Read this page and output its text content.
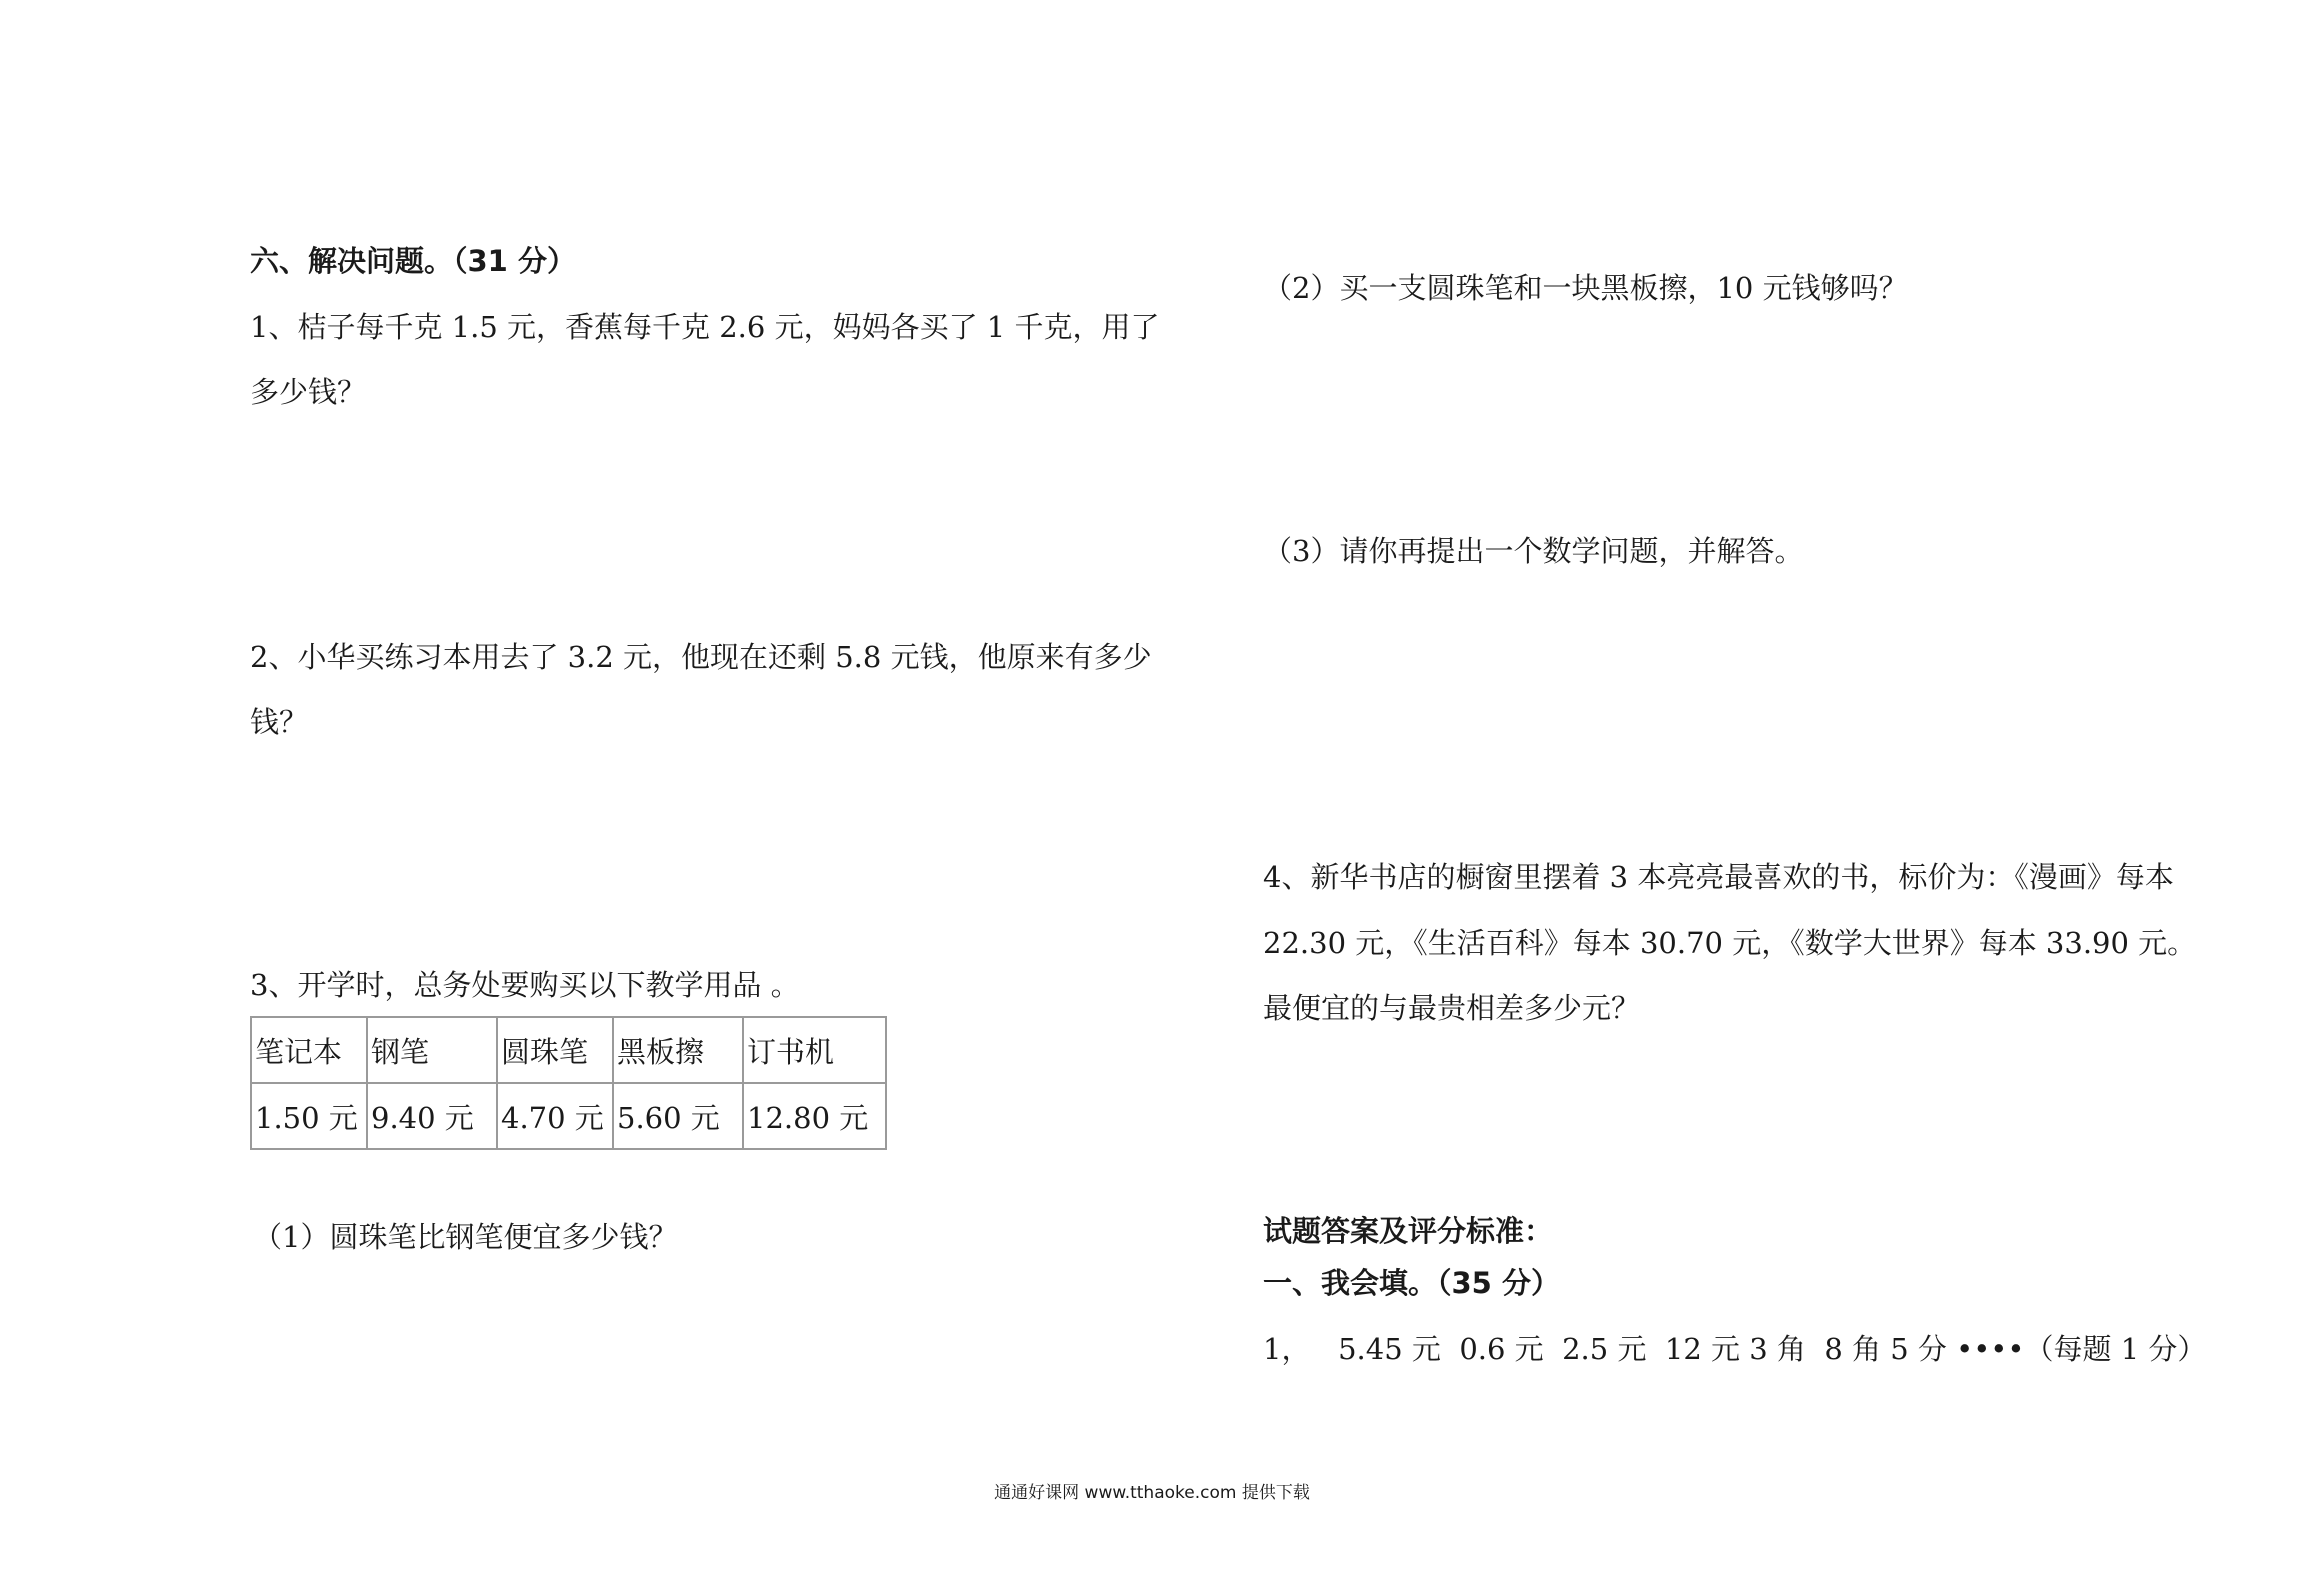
六、解决问题。（31 分）
1、桔子每千克 1.5 元，香蕉每千克 2.6 元，妈妈各买了 1 千克，用了
多少钱？
2、小华买练习本用去了 3.2 元，他现在还剩 5.8 元钱，他原来有多少
钱？
3、开学时，总务处要购买以下教学用品 。
笔记本	钢笔	圆珠笔	黑板擦	订书机
1.50 元	9.40 元	4.70 元	5.60 元	12.80 元
（1）圆珠笔比钢笔便宜多少钱？
（2）买一支圆珠笔和一块黑板擦，10 元钱够吗？
（3）请你再提出一个数学问题，并解答。
4、新华书店的橱窗里摆着 3 本亮亮最喜欢的书，标价为：《漫画》每本
22.30 元，《生活百科》每本 30.70 元，《数学大世界》每本 33.90 元。
最便宜的与最贵相差多少元？
试题答案及评分标准：
一、我会填。（35 分）
1，   5.45 元  0.6 元  2.5 元  12 元 3 角  8 角 5 分 ••••（每题 1 分）
通通好课网 www.tthaoke.com 提供下载
